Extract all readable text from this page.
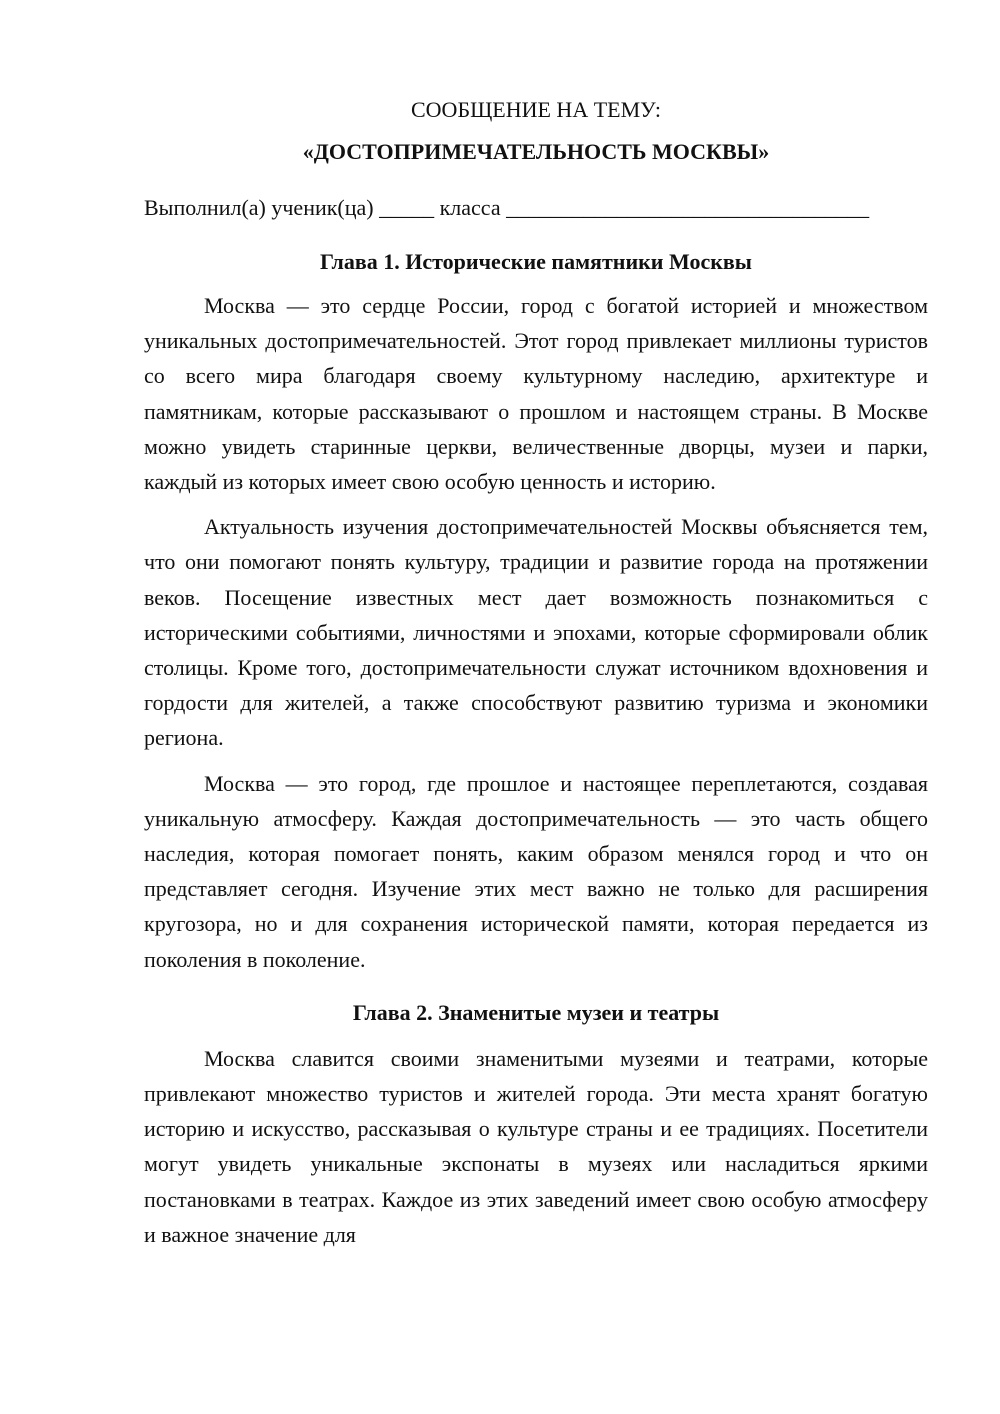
СООБЩЕНИЕ НА ТЕМУ:

«ДОСТОПРИМЕЧАТЕЛЬНОСТЬ МОСКВЫ»

Выполнил(а) ученик(ца) _____ класса _________________________________
Глава 1. Исторические памятники Москвы

Москва — это сердце России, город с богатой историей и множеством уникальных достопримечательностей. Этот город привлекает миллионы туристов со всего мира благодаря своему культурному наследию, архитектуре и памятникам, которые рассказывают о прошлом и настоящем страны. В Москве можно увидеть старинные церкви, величественные дворцы, музеи и парки, каждый из которых имеет свою особую ценность и историю.

Актуальность изучения достопримечательностей Москвы объясняется тем, что они помогают понять культуру, традиции и развитие города на протяжении веков. Посещение известных мест дает возможность познакомиться с историческими событиями, личностями и эпохами, которые сформировали облик столицы. Кроме того, достопримечательности служат источником вдохновения и гордости для жителей, а также способствуют развитию туризма и экономики региона.

Москва — это город, где прошлое и настоящее переплетаются, создавая уникальную атмосферу. Каждая достопримечательность — это часть общего наследия, которая помогает понять, каким образом менялся город и что он представляет сегодня. Изучение этих мест важно не только для расширения кругозора, но и для сохранения исторической памяти, которая передается из поколения в поколение.

Глава 2. Знаменитые музеи и театры

Москва славится своими знаменитыми музеями и театрами, которые привлекают множество туристов и жителей города. Эти места хранят богатую историю и искусство, рассказывая о культуре страны и ее традициях. Посетители могут увидеть уникальные экспонаты в музеях или насладиться яркими постановками в театрах. Каждое из этих заведений имеет свою особую атмосферу и важное значение для
